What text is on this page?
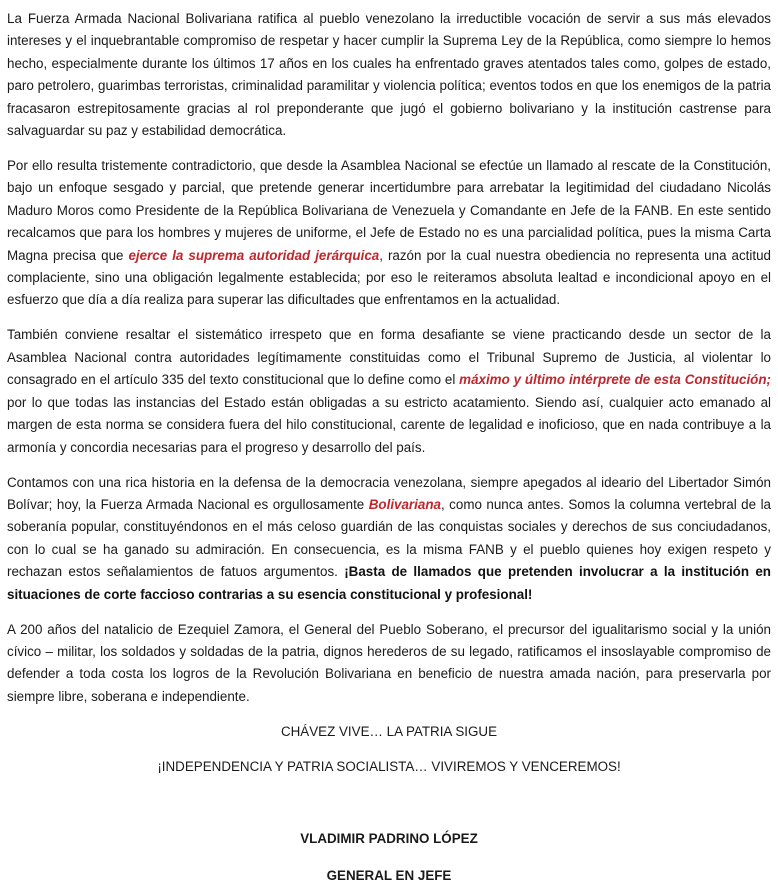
La Fuerza Armada Nacional Bolivariana ratifica al pueblo venezolano la irreductible vocación de servir a sus más elevados intereses y el inquebrantable compromiso de respetar y hacer cumplir la Suprema Ley de la República, como siempre lo hemos hecho, especialmente durante los últimos 17 años en los cuales ha enfrentado graves atentados tales como, golpes de estado, paro petrolero, guarimbas terroristas, criminalidad paramilitar y violencia política; eventos todos en que los enemigos de la patria fracasaron estrepitosamente gracias al rol preponderante que jugó el gobierno bolivariano y la institución castrense para salvaguardar su paz y estabilidad democrática.

Por ello resulta tristemente contradictorio, que desde la Asamblea Nacional se efectúe un llamado al rescate de la Constitución, bajo un enfoque sesgado y parcial, que pretende generar incertidumbre para arrebatar la legitimidad del ciudadano Nicolás Maduro Moros como Presidente de la República Bolivariana de Venezuela y Comandante en Jefe de la FANB. En este sentido recalcamos que para los hombres y mujeres de uniforme, el Jefe de Estado no es una parcialidad política, pues la misma Carta Magna precisa que ejerce la suprema autoridad jerárquica, razón por la cual nuestra obediencia no representa una actitud complaciente, sino una obligación legalmente establecida; por eso le reiteramos absoluta lealtad e incondicional apoyo en el esfuerzo que día a día realiza para superar las dificultades que enfrentamos en la actualidad.

También conviene resaltar el sistemático irrespeto que en forma desafiante se viene practicando desde un sector de la Asamblea Nacional contra autoridades legítimamente constituidas como el Tribunal Supremo de Justicia, al violentar lo consagrado en el artículo 335 del texto constitucional que lo define como el máximo y último intérprete de esta Constitución; por lo que todas las instancias del Estado están obligadas a su estricto acatamiento. Siendo así, cualquier acto emanado al margen de esta norma se considera fuera del hilo constitucional, carente de legalidad e inoficioso, que en nada contribuye a la armonía y concordia necesarias para el progreso y desarrollo del país.

Contamos con una rica historia en la defensa de la democracia venezolana, siempre apegados al ideario del Libertador Simón Bolívar; hoy, la Fuerza Armada Nacional es orgullosamente Bolivariana, como nunca antes. Somos la columna vertebral de la soberanía popular, constituyéndonos en el más celoso guardián de las conquistas sociales y derechos de sus conciudadanos, con lo cual se ha ganado su admiración. En consecuencia, es la misma FANB y el pueblo quienes hoy exigen respeto y rechazan estos señalamientos de fatuos argumentos. ¡Basta de llamados que pretenden involucrar a la institución en situaciones de corte faccioso contrarias a su esencia constitucional y profesional!

A 200 años del natalicio de Ezequiel Zamora, el General del Pueblo Soberano, el precursor del igualitarismo social y la unión cívico – militar, los soldados y soldadas de la patria, dignos herederos de su legado, ratificamos el insoslayable compromiso de defender a toda costa los logros de la Revolución Bolivariana en beneficio de nuestra amada nación, para preservarla por siempre libre, soberana e independiente.

CHÁVEZ VIVE… LA PATRIA SIGUE

¡INDEPENDENCIA Y PATRIA SOCIALISTA… VIVIREMOS Y VENCEREMOS!

VLADIMIR PADRINO LÓPEZ

GENERAL EN JEFE
